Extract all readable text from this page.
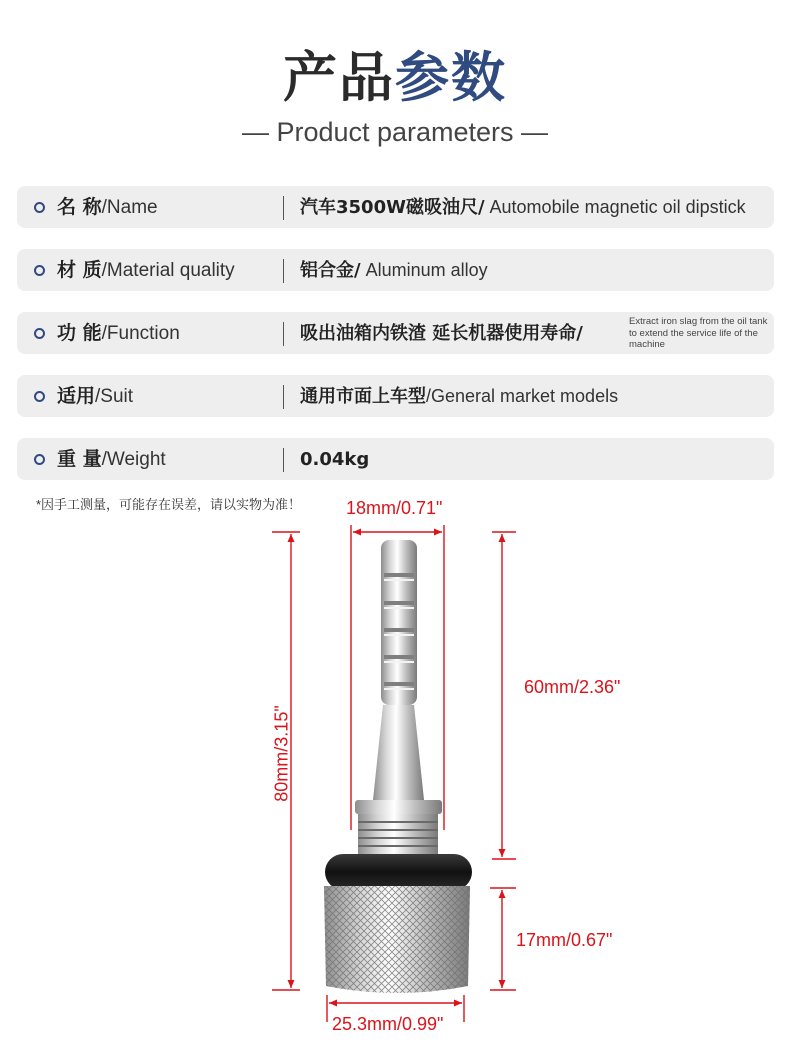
产品参数
— Product parameters —
名 称/Name	汽车3500W磁吸油尺/ Automobile magnetic oil dipstick
材 质/Material quality	铝合金/ Aluminum alloy
功 能/Function	吸出油箱内铁渣 延长机器使用寿命/
Extract iron slag from the oil tank to extend the service life of the machine
适用/Suit	通用市面上车型/General market models
重 量/Weight	0.04kg
*因手工测量，可能存在误差，请以实物为准！ 18mm/0.71"
60mm/2.36"
17mm/0.67"
25.3mm/0.99"
80mm/3.15"
